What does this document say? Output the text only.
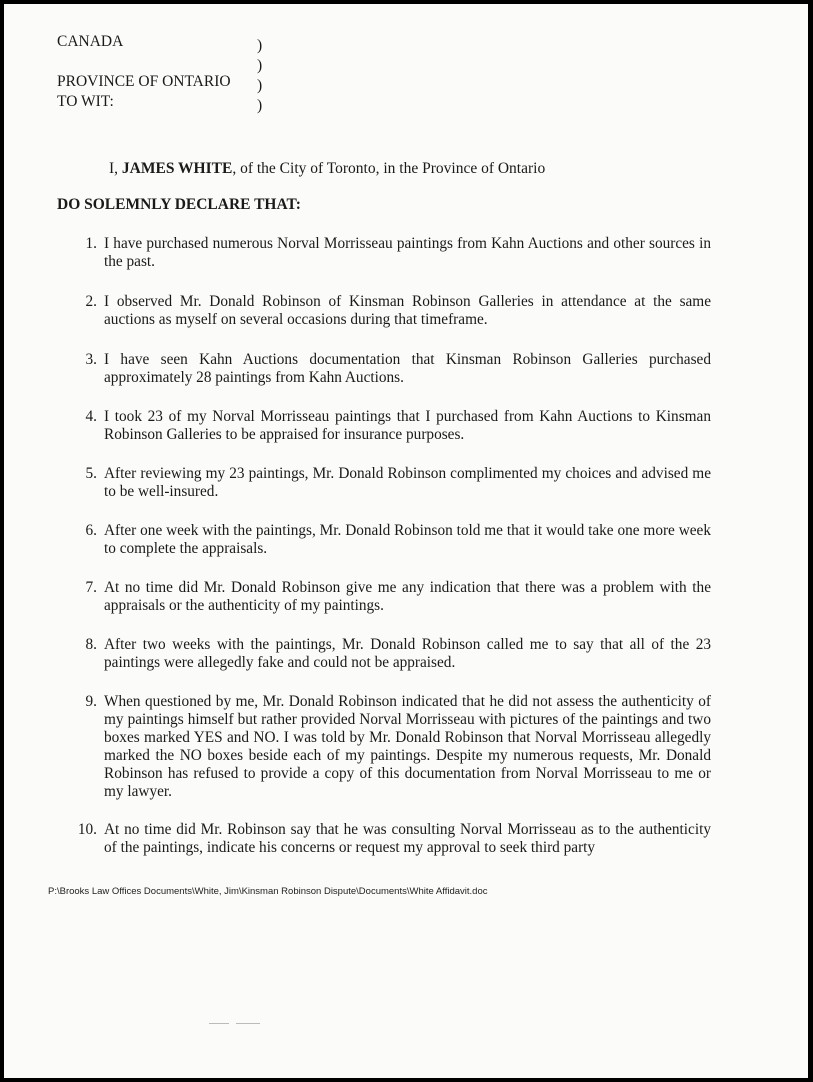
CANADA
PROVINCE OF ONTARIO
TO WIT:
)
)
)
)
I, JAMES WHITE, of the City of Toronto, in the Province of Ontario
DO SOLEMNLY DECLARE THAT:
1. I have purchased numerous Norval Morrisseau paintings from Kahn Auctions and other sources in the past.
2. I observed Mr. Donald Robinson of Kinsman Robinson Galleries in attendance at the same auctions as myself on several occasions during that timeframe.
3. I have seen Kahn Auctions documentation that Kinsman Robinson Galleries purchased approximately 28 paintings from Kahn Auctions.
4. I took 23 of my Norval Morrisseau paintings that I purchased from Kahn Auctions to Kinsman Robinson Galleries to be appraised for insurance purposes.
5. After reviewing my 23 paintings, Mr. Donald Robinson complimented my choices and advised me to be well-insured.
6. After one week with the paintings, Mr. Donald Robinson told me that it would take one more week to complete the appraisals.
7. At no time did Mr. Donald Robinson give me any indication that there was a problem with the appraisals or the authenticity of my paintings.
8. After two weeks with the paintings, Mr. Donald Robinson called me to say that all of the 23 paintings were allegedly fake and could not be appraised.
9. When questioned by me, Mr. Donald Robinson indicated that he did not assess the authenticity of my paintings himself but rather provided Norval Morrisseau with pictures of the paintings and two boxes marked YES and NO. I was told by Mr. Donald Robinson that Norval Morrisseau allegedly marked the NO boxes beside each of my paintings. Despite my numerous requests, Mr. Donald Robinson has refused to provide a copy of this documentation from Norval Morrisseau to me or my lawyer.
10. At no time did Mr. Robinson say that he was consulting Norval Morrisseau as to the authenticity of the paintings, indicate his concerns or request my approval to seek third party
P:\Brooks Law Offices Documents\White, Jim\Kinsman Robinson Dispute\Documents\White Affidavit.doc
